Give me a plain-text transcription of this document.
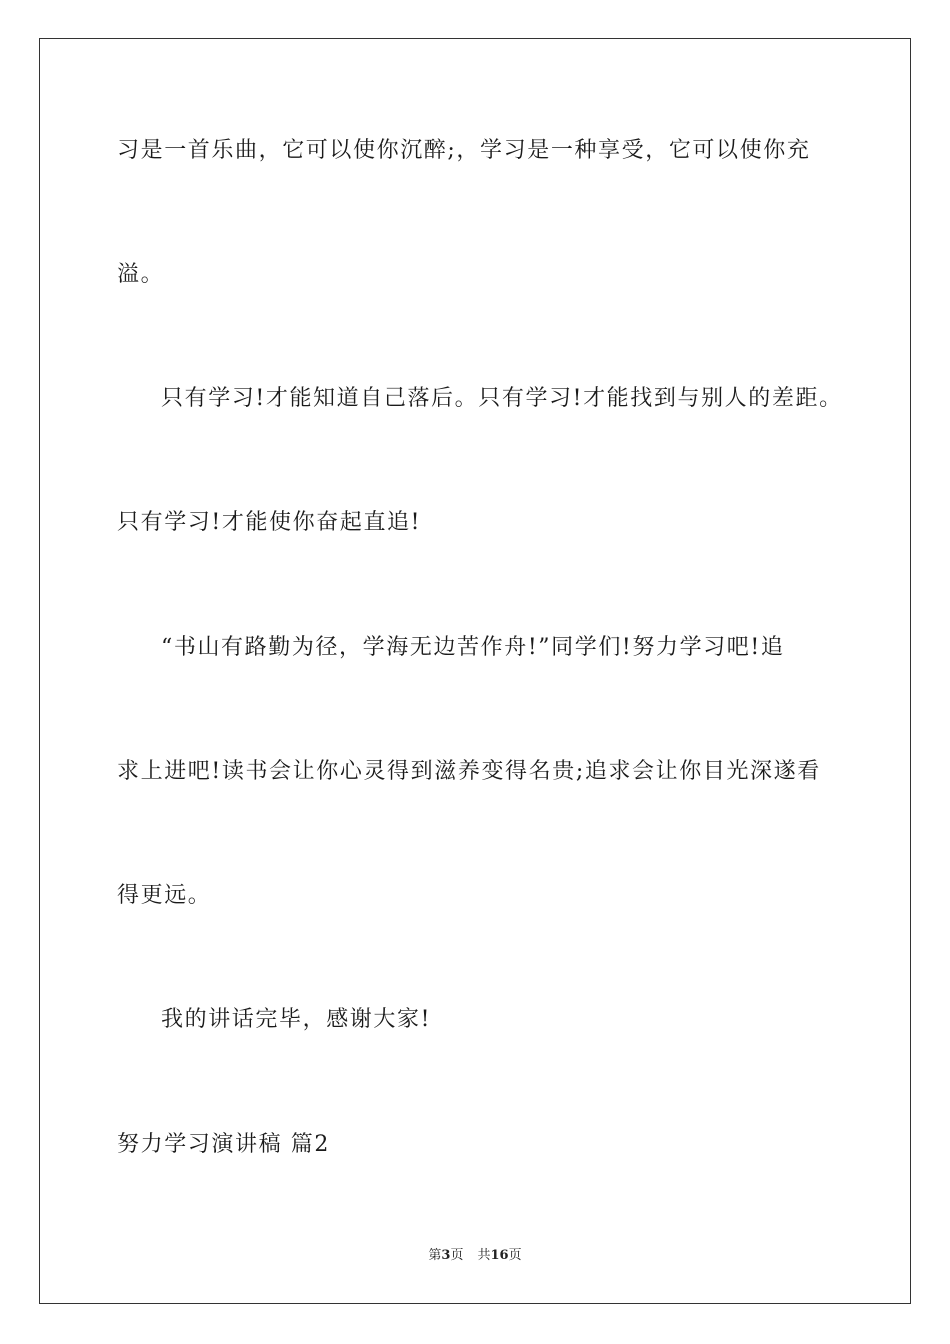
习是一首乐曲，它可以使你沉醉;，学习是一种享受，它可以使你充
溢。
只有学习!才能知道自己落后。只有学习!才能找到与别人的差距。
只有学习!才能使你奋起直追!
“书山有路勤为径，学海无边苦作舟!”同学们!努力学习吧!追
求上进吧!读书会让你心灵得到滋养变得名贵;追求会让你目光深遂看
得更远。
我的讲话完毕，感谢大家!
努力学习演讲稿 篇2
第3页 共16页
